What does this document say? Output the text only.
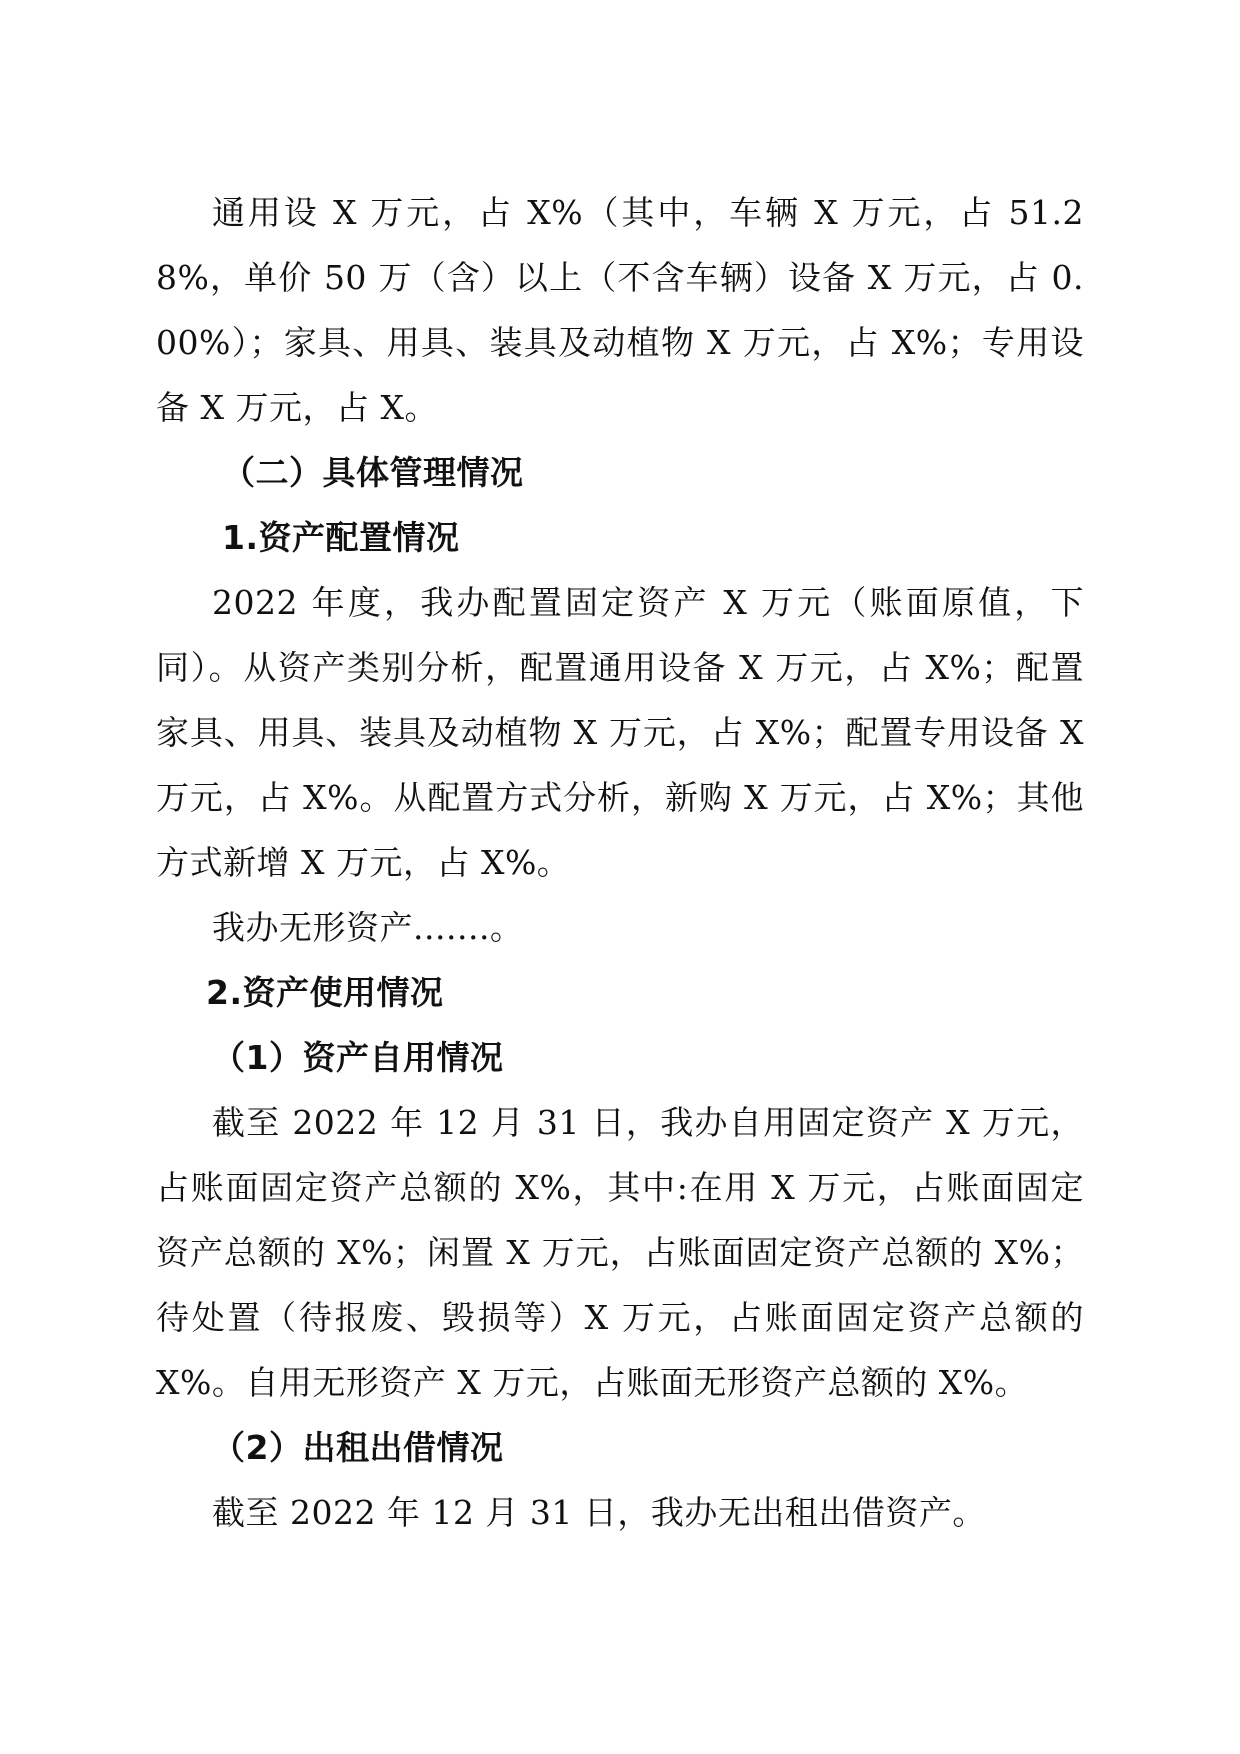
通用设 X 万元，占 X%（其中，车辆 X 万元，占 51.28%，单价 50 万（含）以上（不含车辆）设备 X 万元，占 0.00%）；家具、用具、装具及动植物 X 万元，占 X%；专用设备 X 万元，占 X。

（二）具体管理情况

1.资产配置情况

2022 年度，我办配置固定资产 X 万元（账面原值，下同）。从资产类别分析，配置通用设备 X 万元，占 X%；配置家具、用具、装具及动植物 X 万元，占 X%；配置专用设备 X 万元，占 X%。从配置方式分析，新购 X 万元，占 X%；其他方式新增 X 万元，占 X%。

我办无形资产.......。

2.资产使用情况

（1）资产自用情况

截至 2022 年 12 月 31 日，我办自用固定资产 X 万元，占账面固定资产总额的 X%，其中:在用 X 万元，占账面固定资产总额的 X%；闲置 X 万元，占账面固定资产总额的 X%；待处置（待报废、毁损等）X 万元，占账面固定资产总额的 X%。自用无形资产 X 万元，占账面无形资产总额的 X%。

（2）出租出借情况

截至 2022 年 12 月 31 日，我办无出租出借资产。
